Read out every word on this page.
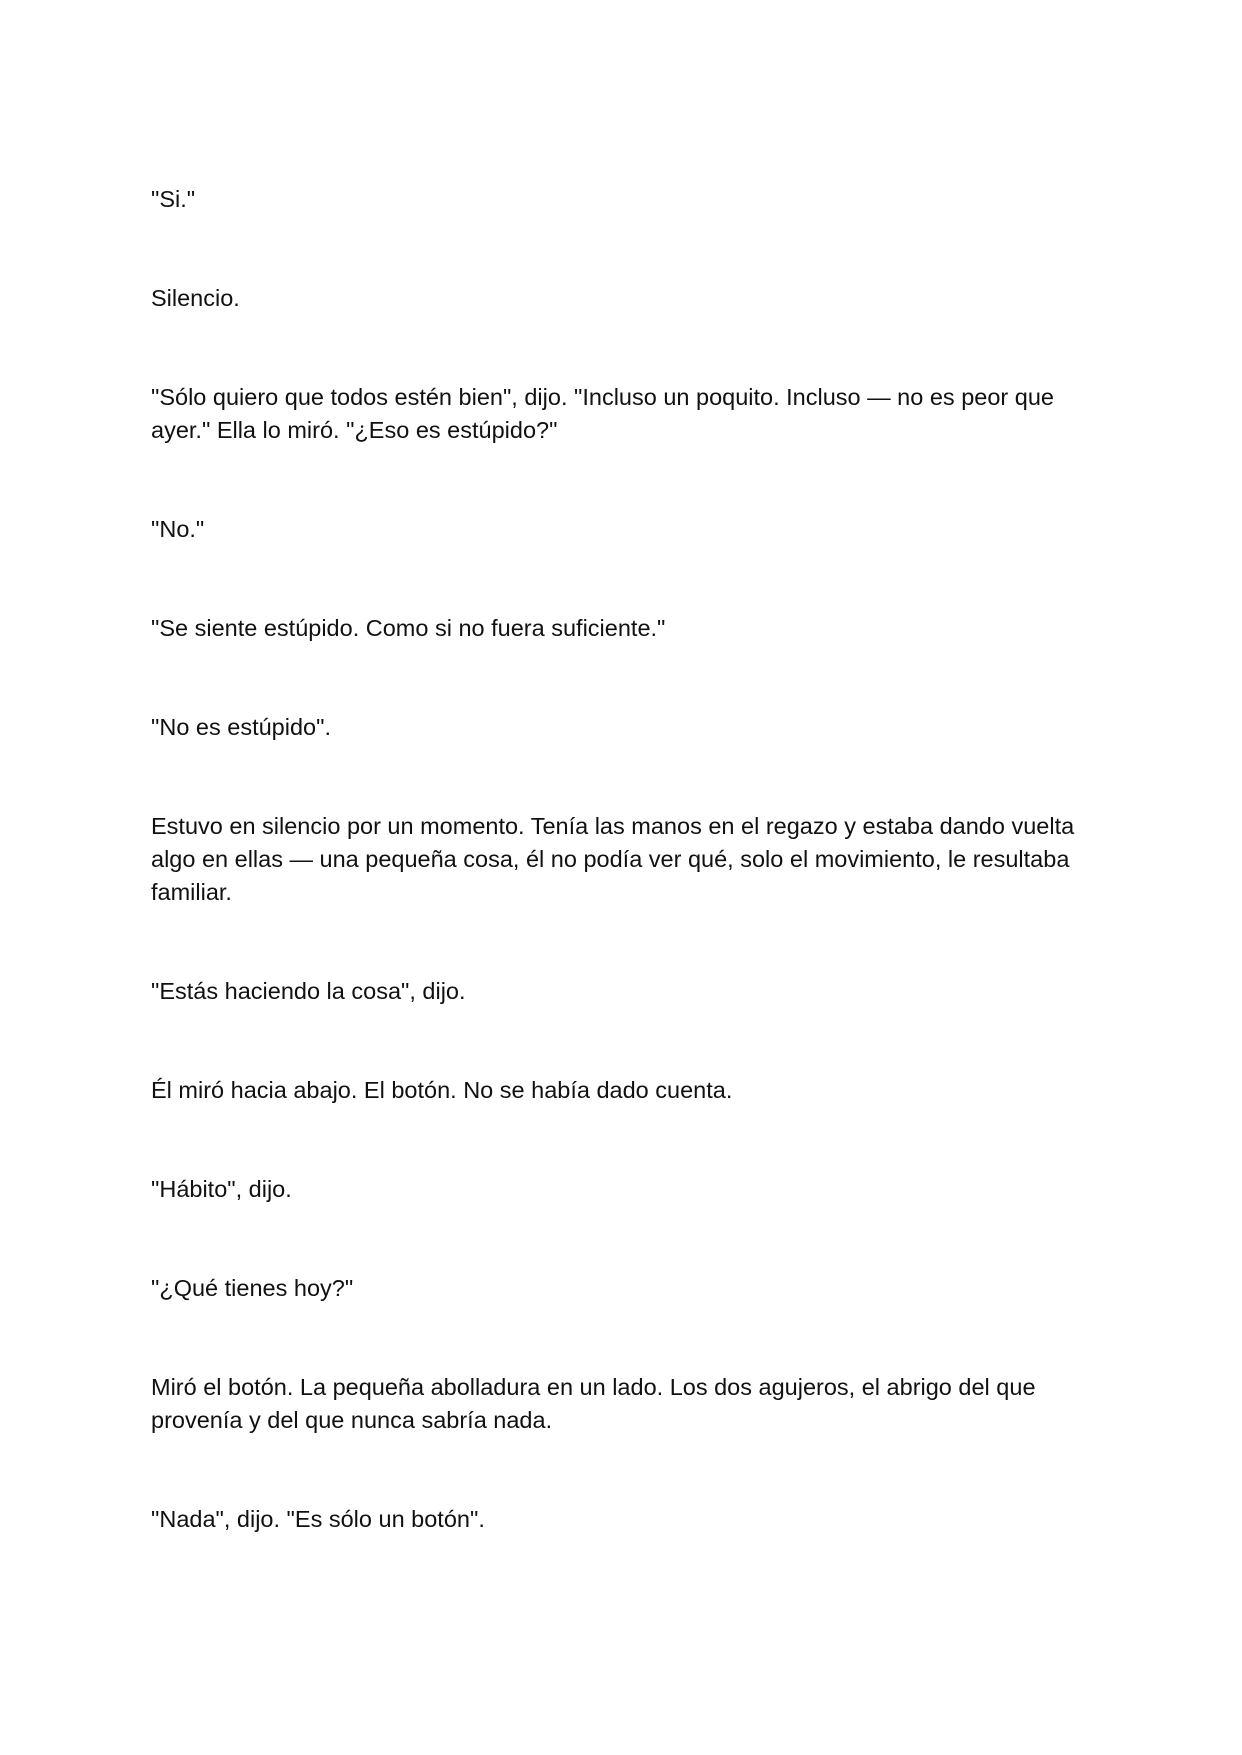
"Si."

Silencio.

"Sólo quiero que todos estén bien", dijo. "Incluso un poquito. Incluso — no es peor que ayer." Ella lo miró. "¿Eso es estúpido?"

"No."

"Se siente estúpido. Como si no fuera suficiente."

"No es estúpido".

Estuvo en silencio por un momento. Tenía las manos en el regazo y estaba dando vuelta algo en ellas — una pequeña cosa, él no podía ver qué, solo el movimiento, le resultaba familiar.

"Estás haciendo la cosa", dijo.

Él miró hacia abajo. El botón. No se había dado cuenta.

"Hábito", dijo.

"¿Qué tienes hoy?"

Miró el botón. La pequeña abolladura en un lado. Los dos agujeros, el abrigo del que provenía y del que nunca sabría nada.

"Nada", dijo. "Es sólo un botón".
